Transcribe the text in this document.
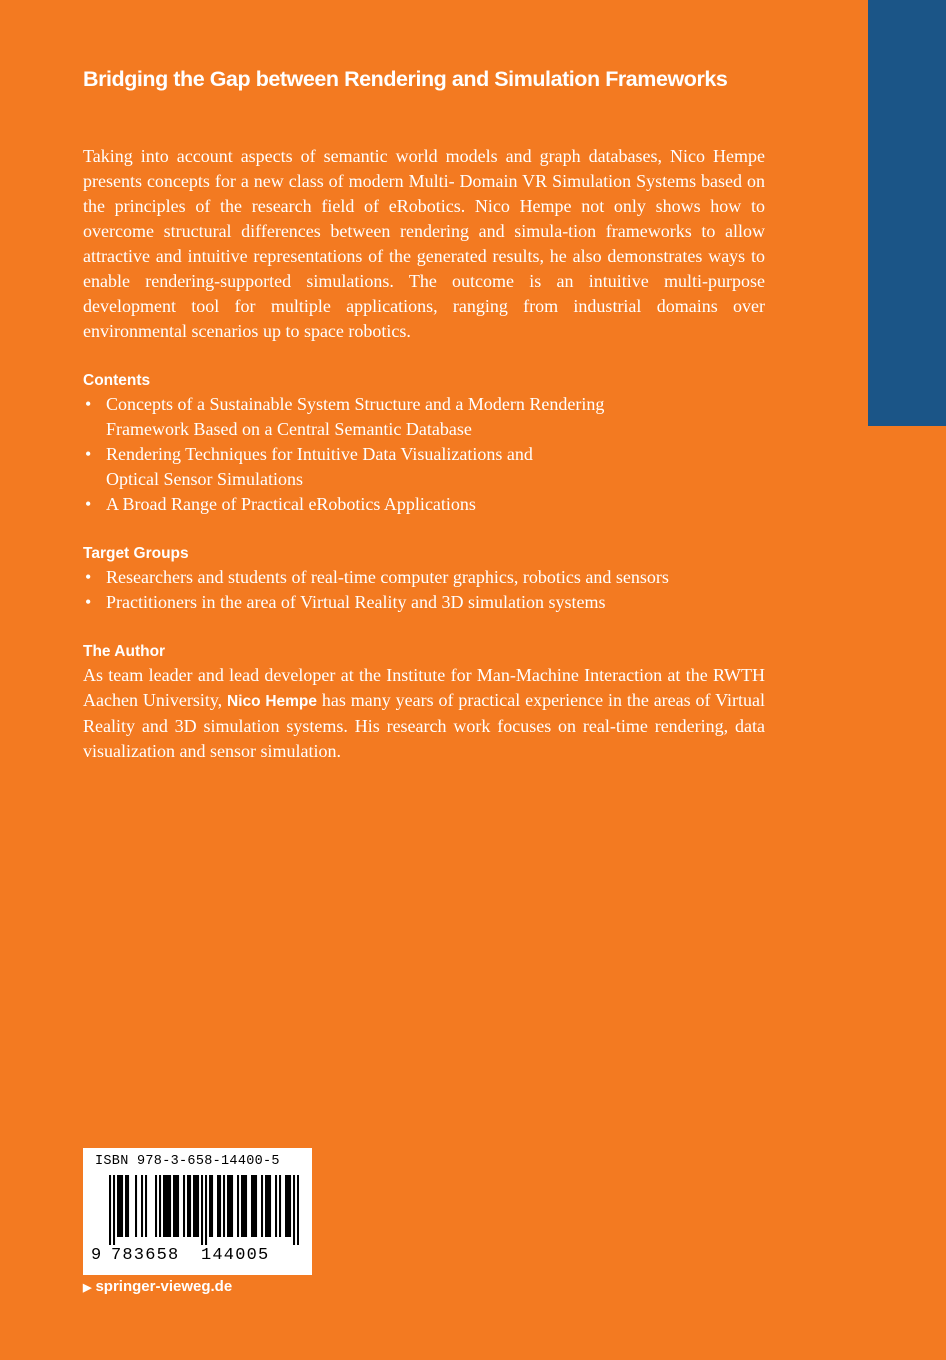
Bridging the Gap between Rendering and Simulation Frameworks

Taking into account aspects of semantic world models and graph databases, Nico Hempe presents concepts for a new class of modern Multi- Domain VR Simulation Systems based on the principles of the research field of eRobotics. Nico Hempe not only shows how to overcome structural differences between rendering and simula-tion frameworks to allow attractive and intuitive representations of the generated results, he also demonstrates ways to enable rendering-supported simulations. The outcome is an intuitive multi-purpose development tool for multiple applications, ranging from industrial domains over environmental scenarios up to space robotics.

Contents
• Concepts of a Sustainable System Structure and a Modern Rendering Framework Based on a Central Semantic Database
• Rendering Techniques for Intuitive Data Visualizations and Optical Sensor Simulations
• A Broad Range of Practical eRobotics Applications
Target Groups
• Researchers and students of real-time computer graphics, robotics and sensors
• Practitioners in the area of Virtual Reality and 3D simulation systems
The Author

As team leader and lead developer at the Institute for Man-Machine Interaction at the RWTH Aachen University, Nico Hempe has many years of practical experience in the areas of Virtual Reality and 3D simulation systems. His research work focuses on real-time rendering, data visualization and sensor simulation.

ISBN 978-3-658-14400-5
9 783658 144005
▶ springer-vieweg.de
